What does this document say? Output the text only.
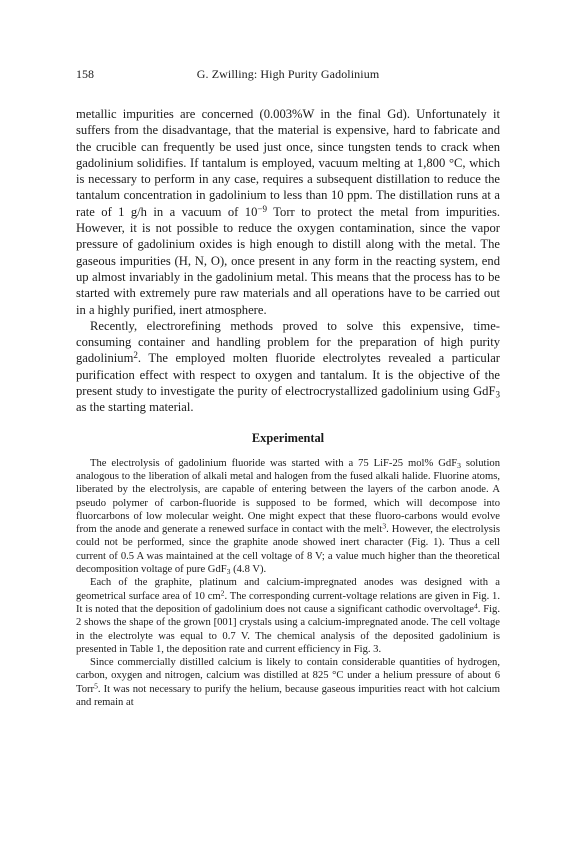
158	G. Zwilling: High Purity Gadolinium

metallic impurities are concerned (0.003%W in the final Gd). Unfortunately it suffers from the disadvantage, that the material is expensive, hard to fabricate and the crucible can frequently be used just once, since tungsten tends to crack when gadolinium solidifies. If tantalum is employed, vacuum melting at 1,800 °C, which is necessary to perform in any case, requires a subsequent distillation to reduce the tantalum concentration in gadolinium to less than 10 ppm. The distillation runs at a rate of 1 g/h in a vacuum of $10^{-9}$ Torr to protect the metal from impurities. However, it is not possible to reduce the oxygen contamination, since the vapor pressure of gadolinium oxides is high enough to distill along with the metal. The gaseous impurities (H, N, O), once present in any form in the reacting system, end up almost invariably in the gadolinium metal. This means that the process has to be started with extremely pure raw materials and all operations have to be carried out in a highly purified, inert atmosphere.

Recently, electrorefining methods proved to solve this expensive, time-consuming container and handling problem for the preparation of high purity gadolinium$^2$. The employed molten fluoride electrolytes revealed a particular purification effect with respect to oxygen and tantalum. It is the objective of the present study to investigate the purity of electrocrystallized gadolinium using GdF$_3$ as the starting material.

Experimental

The electrolysis of gadolinium fluoride was started with a 75 LiF-25 mol% GdF$_3$ solution analogous to the liberation of alkali metal and halogen from the fused alkali halide. Fluorine atoms, liberated by the electrolysis, are capable of entering between the layers of the carbon anode. A pseudo polymer of carbon-fluoride is supposed to be formed, which will decompose into fluorcarbons of low molecular weight. One might expect that these fluoro-carbons would evolve from the anode and generate a renewed surface in contact with the melt$^3$. However, the electrolysis could not be performed, since the graphite anode showed inert character (Fig. 1). Thus a cell current of 0.5 A was maintained at the cell voltage of 8 V; a value much higher than the theoretical decomposition voltage of pure GdF$_3$ (4.8 V).

Each of the graphite, platinum and calcium-impregnated anodes was designed with a geometrical surface area of 10 $cm^2$. The corresponding current-voltage relations are given in Fig. 1. It is noted that the deposition of gadolinium does not cause a significant cathodic overvoltage$^4$. Fig. 2 shows the shape of the grown [001] crystals using a calcium-impregnated anode. The cell voltage in the electrolyte was equal to 0.7 V. The chemical analysis of the deposited gadolinium is presented in Table 1, the deposition rate and current efficiency in Fig. 3.

Since commercially distilled calcium is likely to contain considerable quantities of hydrogen, carbon, oxygen and nitrogen, calcium was distilled at 825 °C under a helium pressure of about 6 Torr$^5$. It was not necessary to purify the helium, because gaseous impurities react with hot calcium and remain at
